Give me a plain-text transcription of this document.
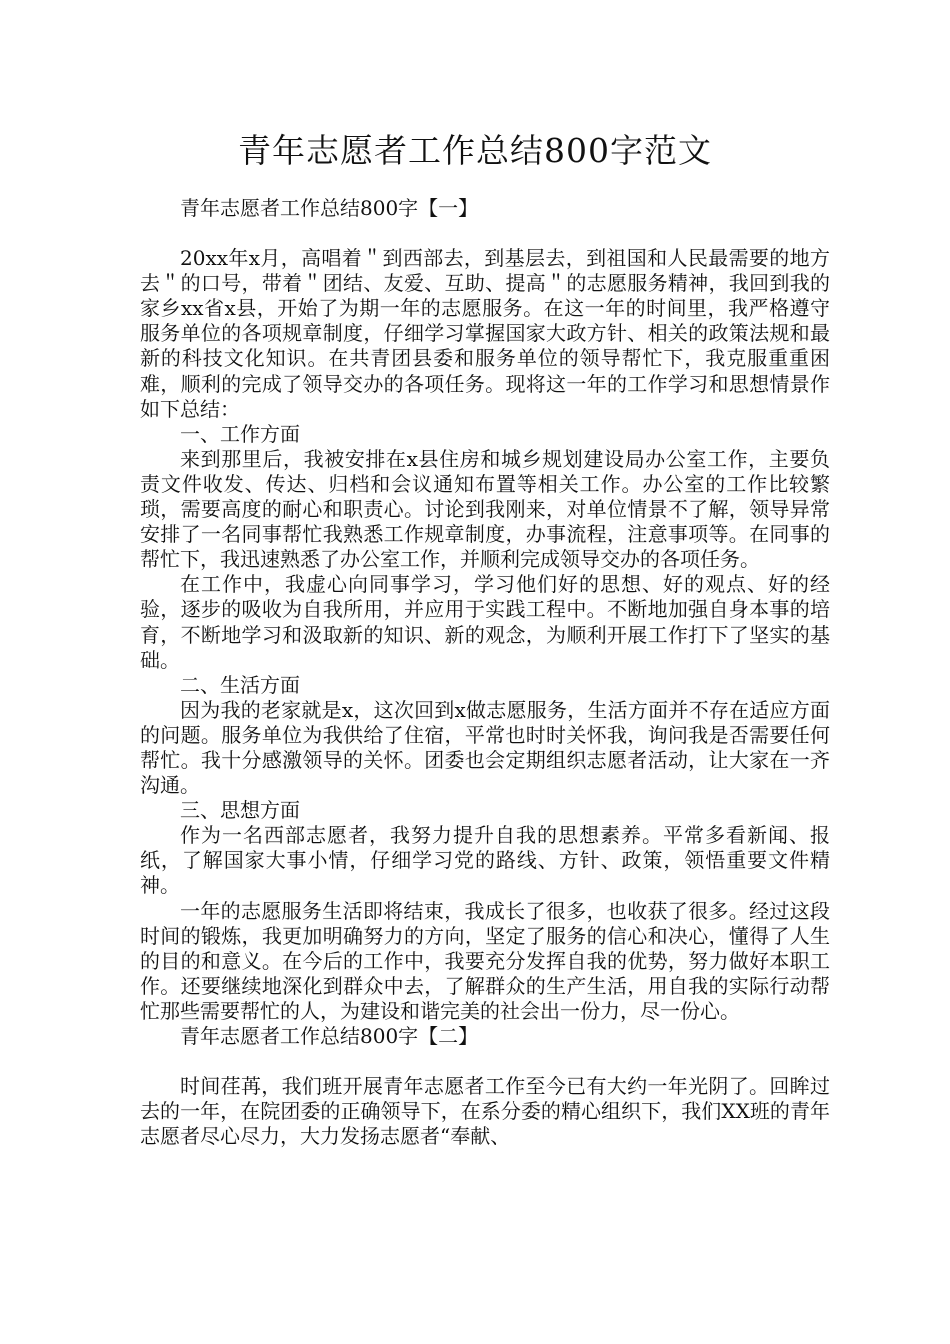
青年志愿者工作总结800字范文

青年志愿者工作总结800字【一】

20xx年x月，高唱着＂到西部去，到基层去，到祖国和人民最需要的地方去＂的口号，带着＂团结、友爱、互助、提高＂的志愿服务精神，我回到我的家乡xx省x县，开始了为期一年的志愿服务。在这一年的时间里，我严格遵守服务单位的各项规章制度，仔细学习掌握国家大政方针、相关的政策法规和最新的科技文化知识。在共青团县委和服务单位的领导帮忙下，我克服重重困难，顺利的完成了领导交办的各项任务。现将这一年的工作学习和思想情景作如下总结：

一、工作方面

来到那里后，我被安排在x县住房和城乡规划建设局办公室工作，主要负责文件收发、传达、归档和会议通知布置等相关工作。办公室的工作比较繁琐，需要高度的耐心和职责心。讨论到我刚来，对单位情景不了解，领导异常安排了一名同事帮忙我熟悉工作规章制度，办事流程，注意事项等。在同事的帮忙下，我迅速熟悉了办公室工作，并顺利完成领导交办的各项任务。

在工作中，我虚心向同事学习，学习他们好的思想、好的观点、好的经验，逐步的吸收为自我所用，并应用于实践工程中。不断地加强自身本事的培育，不断地学习和汲取新的知识、新的观念，为顺利开展工作打下了坚实的基础。

二、生活方面

因为我的老家就是x，这次回到x做志愿服务，生活方面并不存在适应方面的问题。服务单位为我供给了住宿，平常也时时关怀我，询问我是否需要任何帮忙。我十分感激领导的关怀。团委也会定期组织志愿者活动，让大家在一齐沟通。

三、思想方面

作为一名西部志愿者，我努力提升自我的思想素养。平常多看新闻、报纸，了解国家大事小情，仔细学习党的路线、方针、政策，领悟重要文件精神。

一年的志愿服务生活即将结束，我成长了很多，也收获了很多。经过这段时间的锻炼，我更加明确努力的方向，坚定了服务的信心和决心，懂得了人生的目的和意义。在今后的工作中，我要充分发挥自我的优势，努力做好本职工作。还要继续地深化到群众中去，了解群众的生产生活，用自我的实际行动帮忙那些需要帮忙的人，为建设和谐完美的社会出一份力，尽一份心。

青年志愿者工作总结800字【二】

时间荏苒，我们班开展青年志愿者工作至今已有大约一年光阴了。回眸过去的一年，在院团委的正确领导下，在系分委的精心组织下，我们XX班的青年志愿者尽心尽力，大力发扬志愿者“奉献、
